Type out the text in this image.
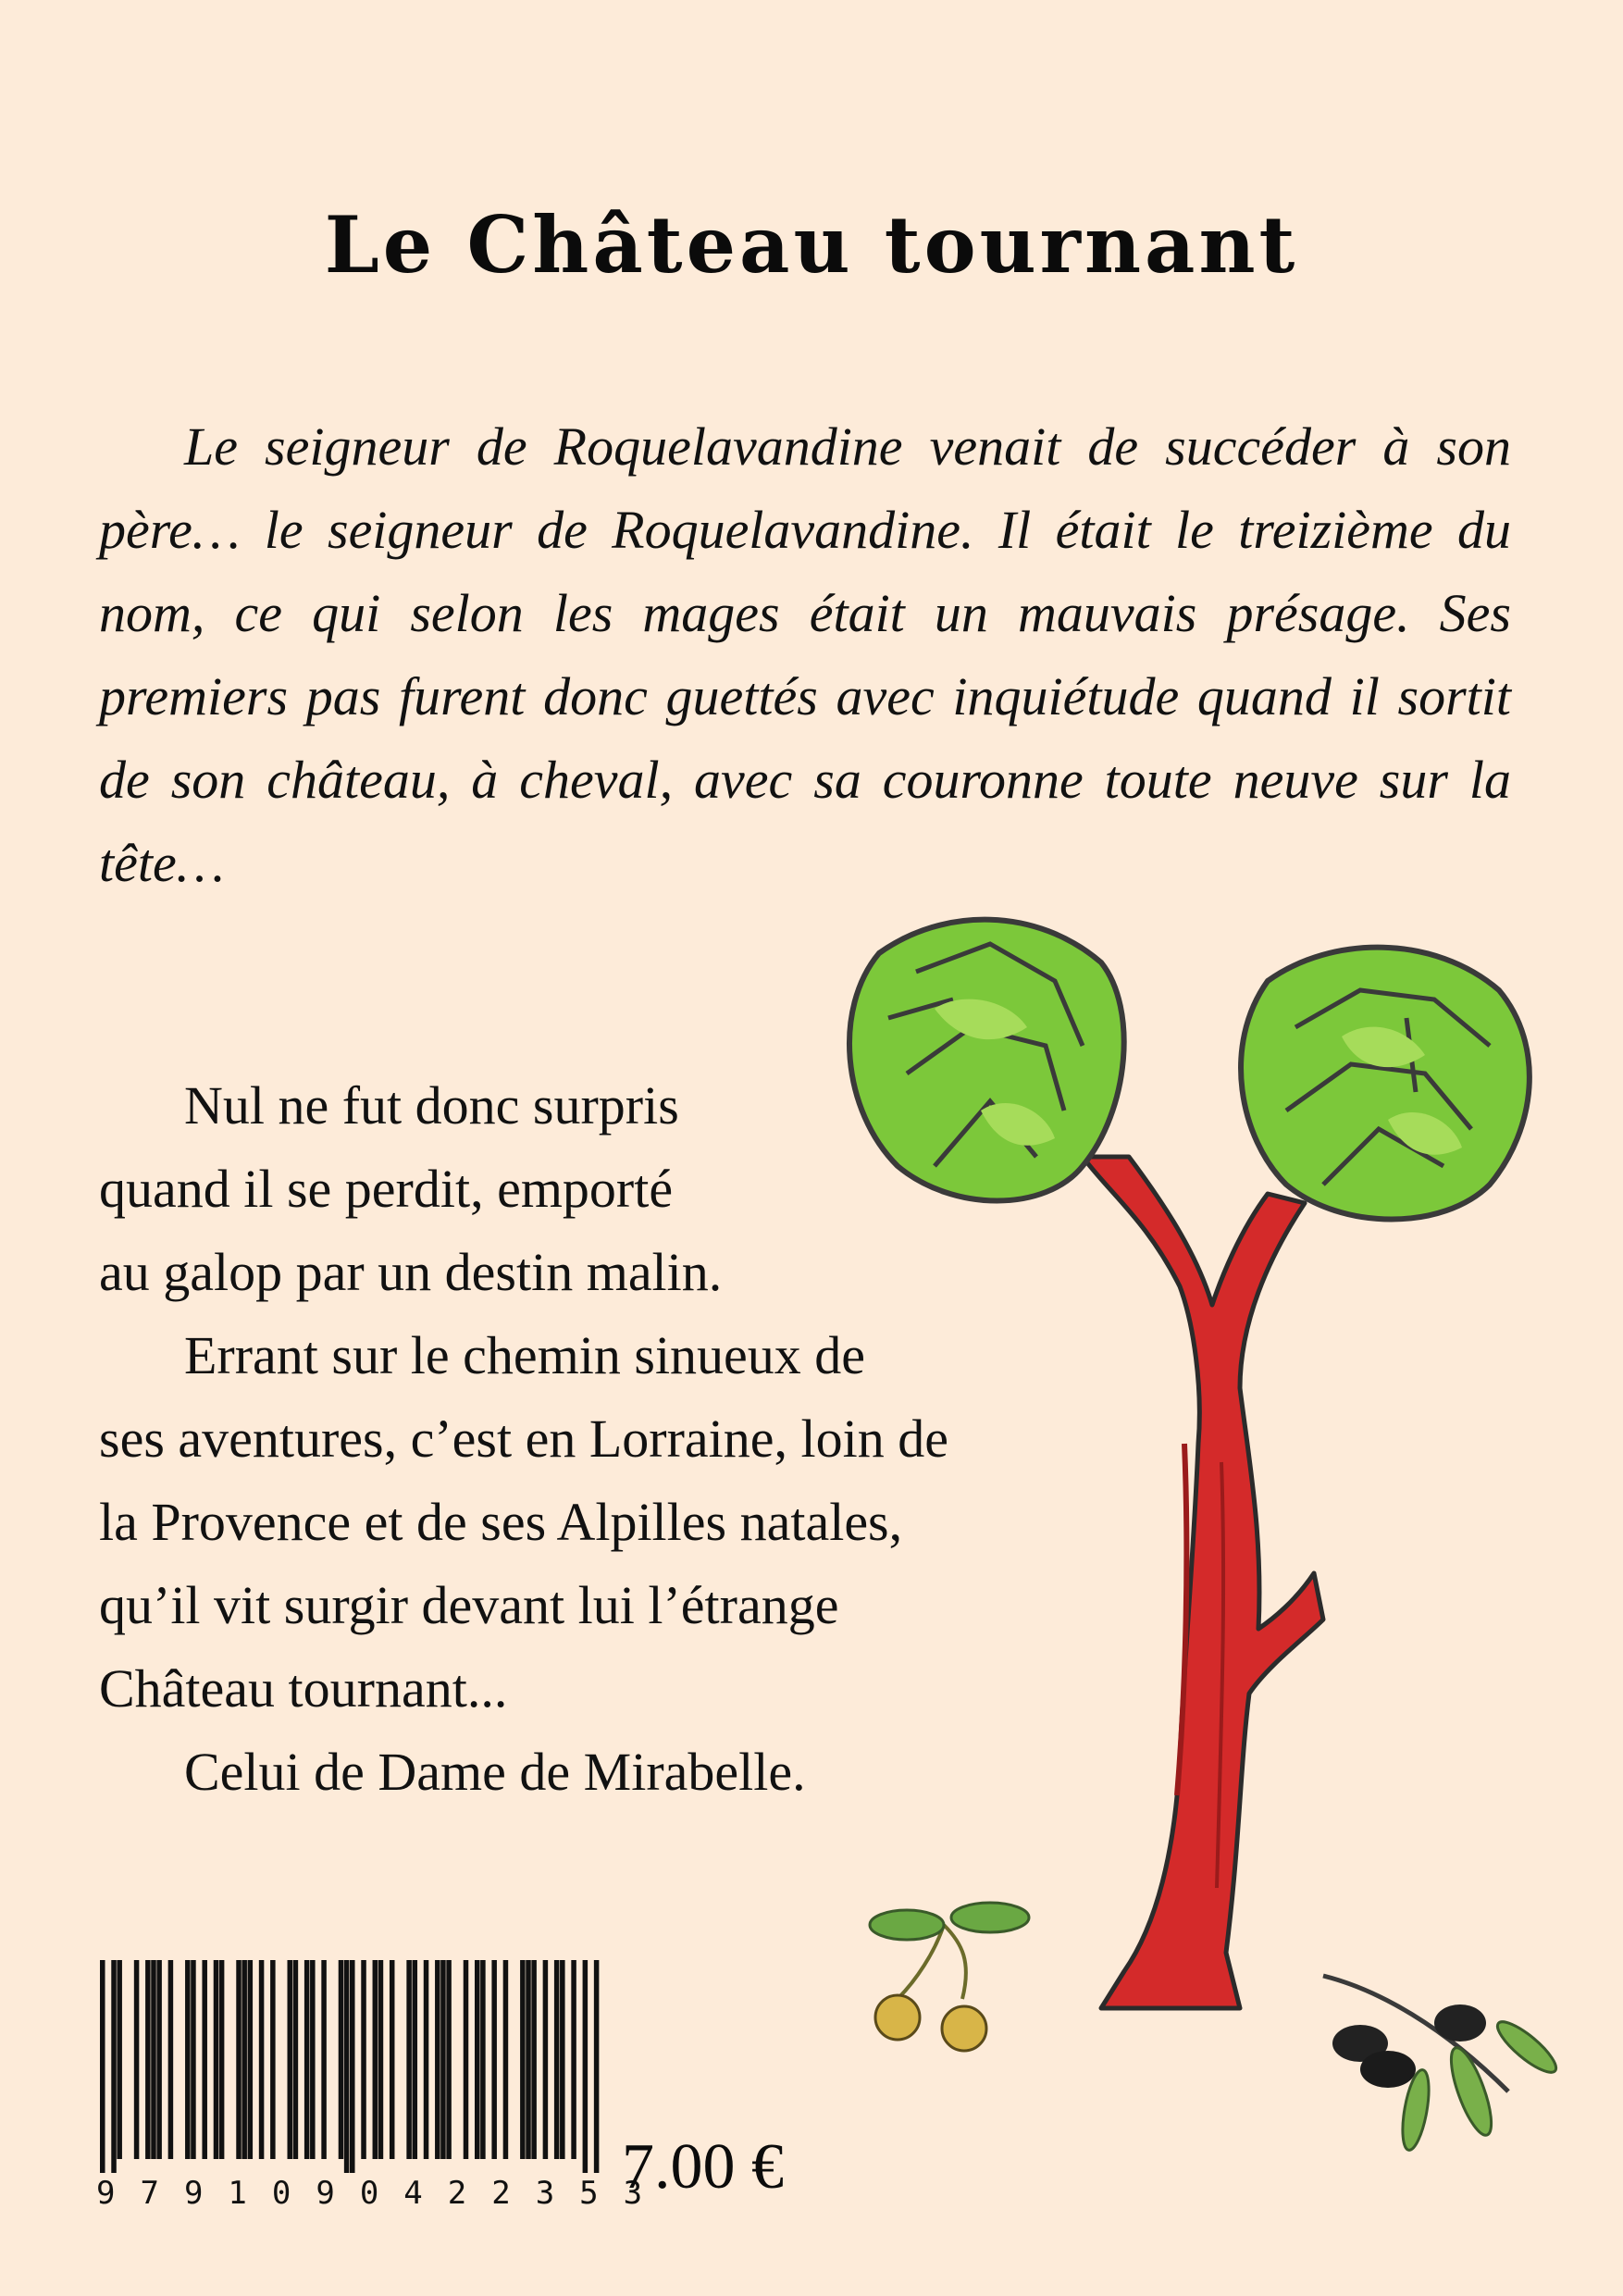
Le Château tournant

Le seigneur de Roquelavandine venait de succéder à son père… le seigneur de Roquelavandine. Il était le treizième du nom, ce qui selon les mages était un mauvais présage. Ses premiers pas furent donc guettés avec inquiétude quand il sortit de son château, à cheval, avec sa couronne toute neuve sur la tête…

Nul ne fut donc surpris

quand il se perdit, emporté

au galop par un destin malin.

Errant sur le chemin sinueux de

ses aventures, c’est en Lorraine, loin de

la Provence et de ses Alpilles natales,

qu’il vit surgir devant lui l’étrange

Château tournant...

Celui de Dame de Mirabelle.

9791090422353
7.00 €
